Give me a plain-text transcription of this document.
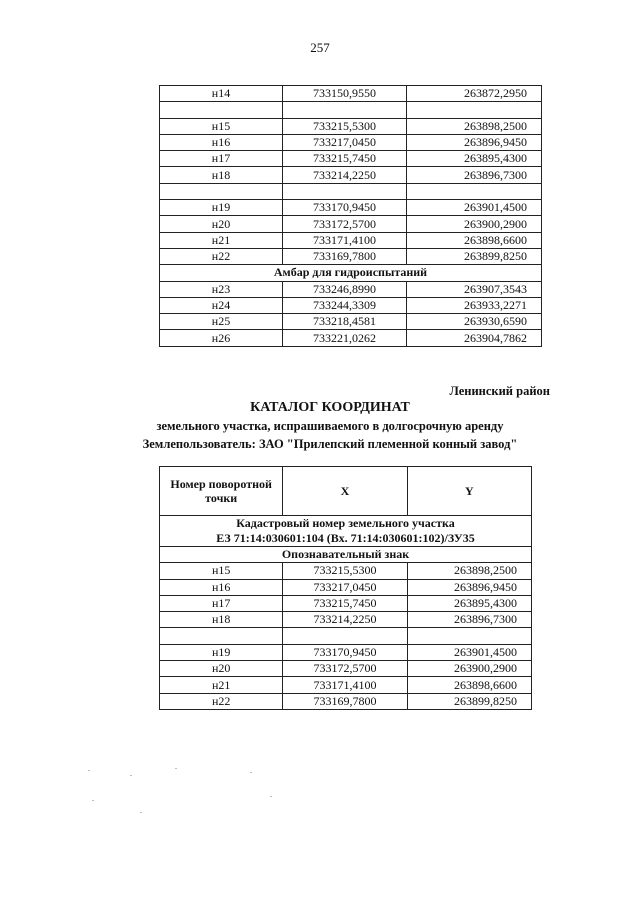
257
н14	733150,9550	263872,2950

н15	733215,5300	263898,2500
н16	733217,0450	263896,9450
н17	733215,7450	263895,4300
н18	733214,2250	263896,7300

н19	733170,9450	263901,4500
н20	733172,5700	263900,2900
н21	733171,4100	263898,6600
н22	733169,7800	263899,8250
Амбар для гидроиспытаний		
н23	733246,8990	263907,3543
н24	733244,3309	263933,2271
н25	733218,4581	263930,6590
н26	733221,0262	263904,7862
Ленинский район
КАТАЛОГ КООРДИНАТ
земельного участка, испрашиваемого в долгосрочную аренду
Землепользователь: ЗАО "Прилепский племенной конный завод"
Номер поворотной точки	X	Y

Кадастровый номер земельного участка
ЕЗ 71:14:030601:104 (Вх. 71:14:030601:102)/ЗУ35		

Опознавательный знак		
н15	733215,5300	263898,2500
н16	733217,0450	263896,9450
н17	733215,7450	263895,4300
н18	733214,2250	263896,7300

н19	733170,9450	263901,4500
н20	733172,5700	263900,2900
н21	733171,4100	263898,6600
н22	733169,7800	263899,8250
